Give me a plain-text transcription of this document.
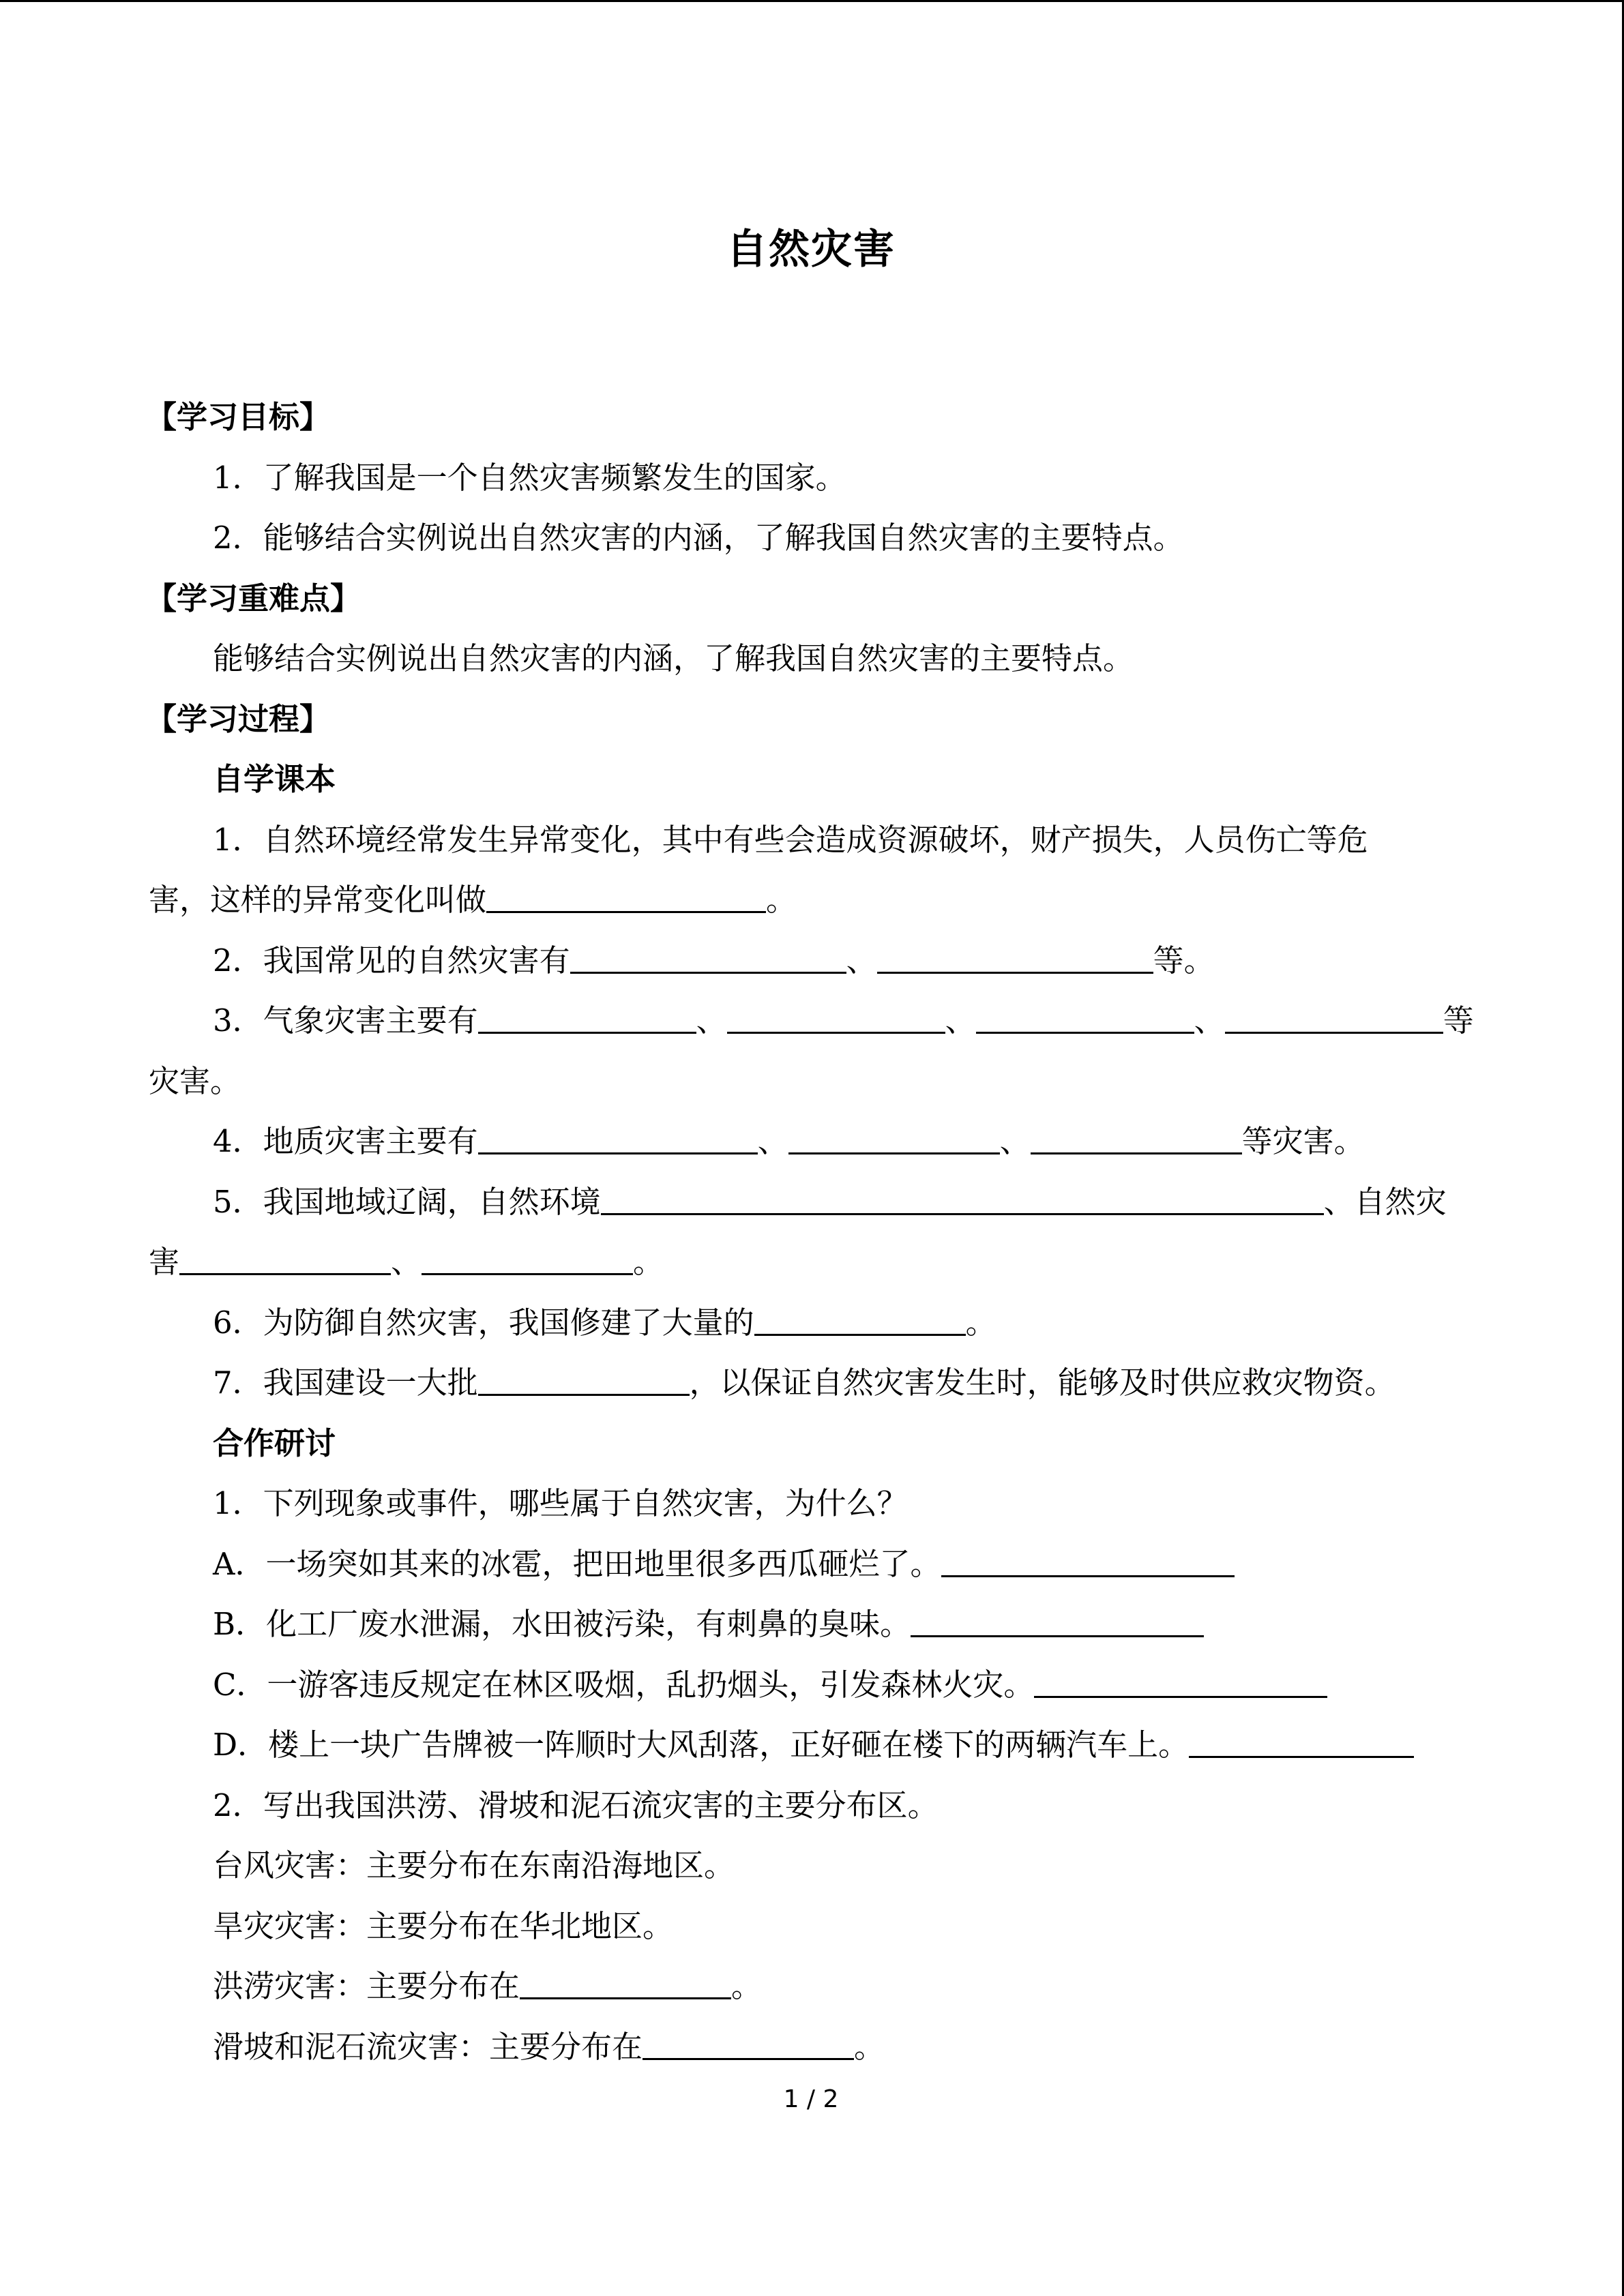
自然灾害
【学习目标】
1．了解我国是一个自然灾害频繁发生的国家。
2．能够结合实例说出自然灾害的内涵，了解我国自然灾害的主要特点。
【学习重难点】
能够结合实例说出自然灾害的内涵，了解我国自然灾害的主要特点。
【学习过程】
自学课本
1．自然环境经常发生异常变化，其中有些会造成资源破坏，财产损失，人员伤亡等危
害，这样的异常变化叫做	。
2．我国常见的自然灾害有	、	等。
3．气象灾害主要有	、	、	、	等
灾害。
4．地质灾害主要有	、	、	等灾害。
5．我国地域辽阔，自然环境	、自然灾
害	、	。
6．为防御自然灾害，我国修建了大量的	。
7．我国建设一大批	，以保证自然灾害发生时，能够及时供应救灾物资。
合作研讨
1．下列现象或事件，哪些属于自然灾害，为什么？
A．一场突如其来的冰雹，把田地里很多西瓜砸烂了。
B．化工厂废水泄漏，水田被污染，有刺鼻的臭味。
C．一游客违反规定在林区吸烟，乱扔烟头，引发森林火灾。
D．楼上一块广告牌被一阵顺时大风刮落，正好砸在楼下的两辆汽车上。
2．写出我国洪涝、滑坡和泥石流灾害的主要分布区。
台风灾害：主要分布在东南沿海地区。
旱灾灾害：主要分布在华北地区。
洪涝灾害：主要分布在	。
滑坡和泥石流灾害：主要分布在	。
1 / 2
